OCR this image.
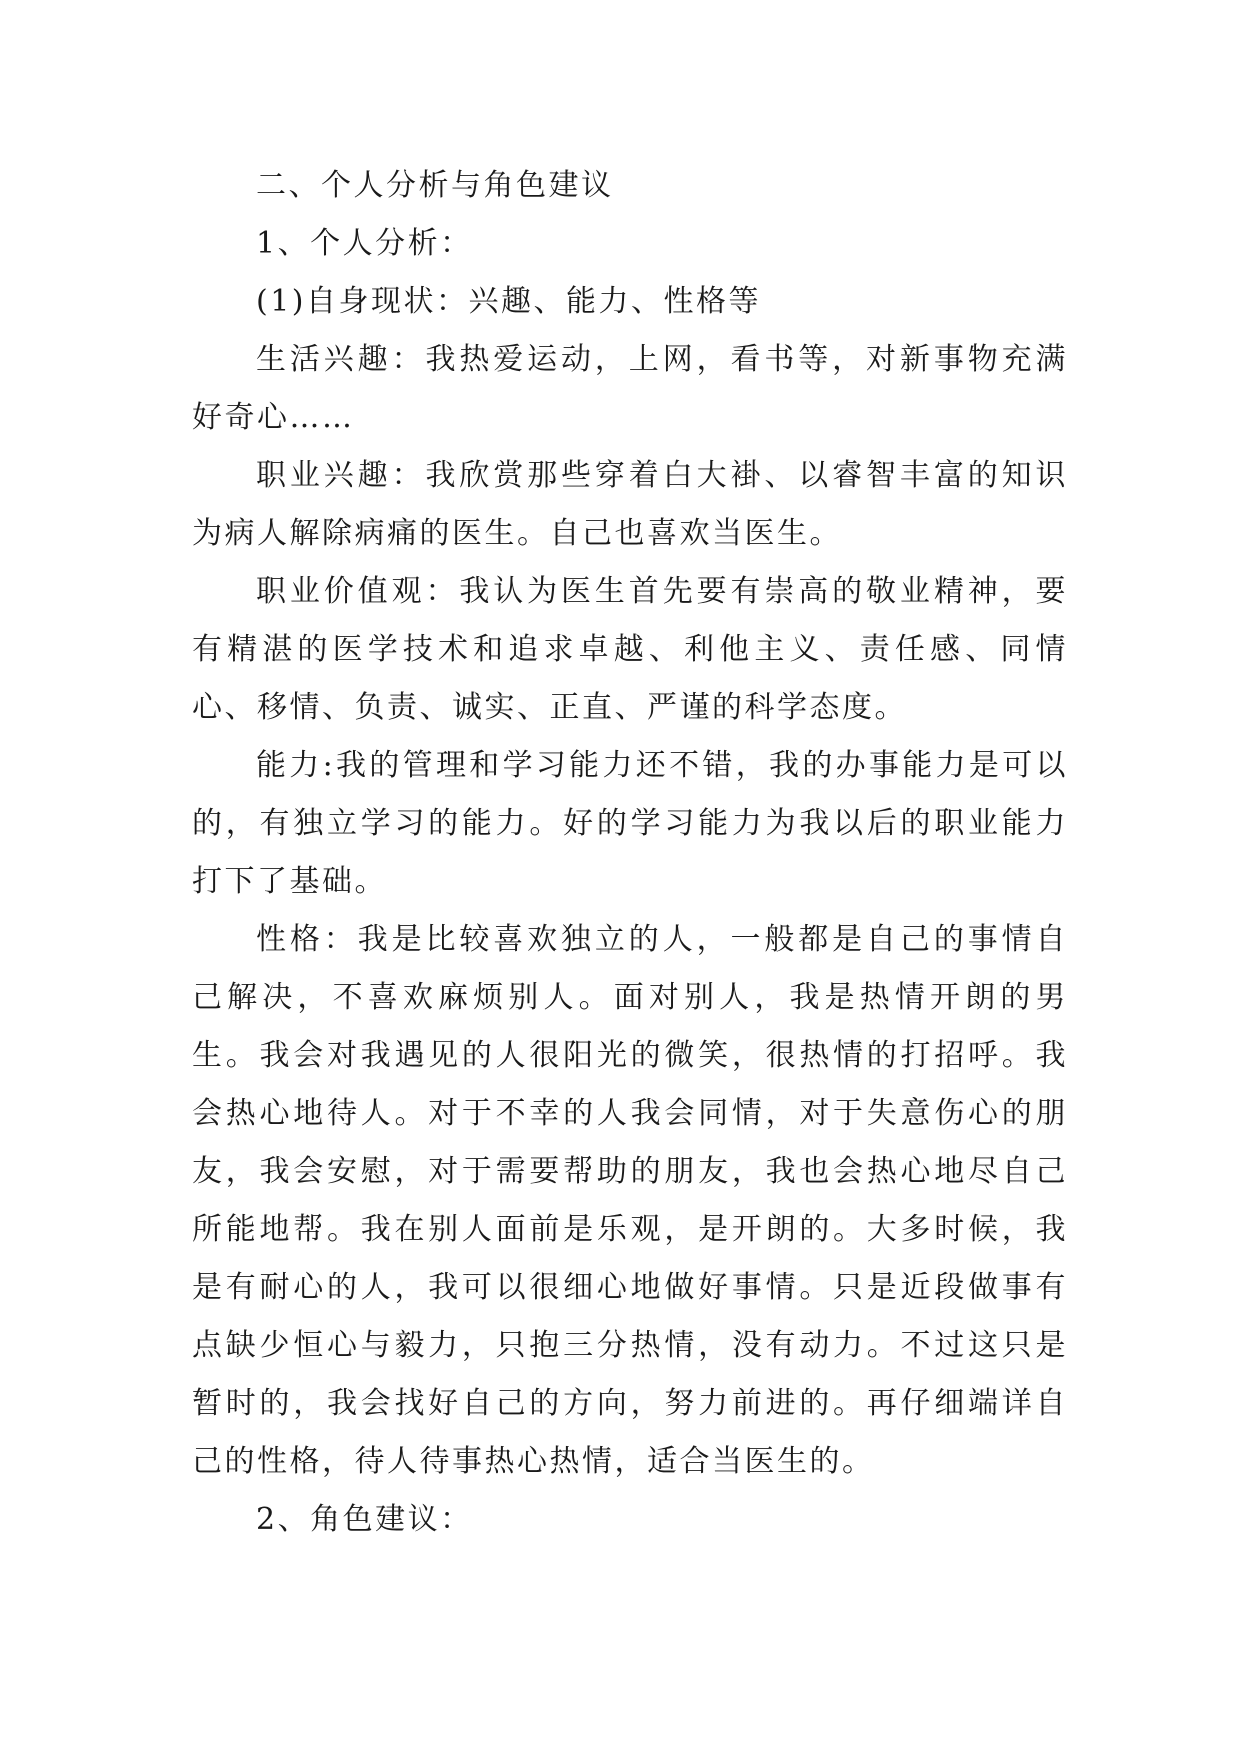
二、个人分析与角色建议

1、个人分析：

(1)自身现状：兴趣、能力、性格等

生活兴趣：我热爱运动，上网，看书等，对新事物充满好奇心……

职业兴趣：我欣赏那些穿着白大褂、以睿智丰富的知识为病人解除病痛的医生。自己也喜欢当医生。

职业价值观：我认为医生首先要有崇高的敬业精神，要有精湛的医学技术和追求卓越、利他主义、责任感、同情心、移情、负责、诚实、正直、严谨的科学态度。

能力:我的管理和学习能力还不错，我的办事能力是可以的，有独立学习的能力。好的学习能力为我以后的职业能力打下了基础。

性格：我是比较喜欢独立的人，一般都是自己的事情自己解决，不喜欢麻烦别人。面对别人，我是热情开朗的男生。我会对我遇见的人很阳光的微笑，很热情的打招呼。我会热心地待人。对于不幸的人我会同情，对于失意伤心的朋友，我会安慰，对于需要帮助的朋友，我也会热心地尽自己所能地帮。我在别人面前是乐观，是开朗的。大多时候，我是有耐心的人，我可以很细心地做好事情。只是近段做事有点缺少恒心与毅力，只抱三分热情，没有动力。不过这只是暂时的，我会找好自己的方向，努力前进的。再仔细端详自己的性格，待人待事热心热情，适合当医生的。

2、角色建议：
